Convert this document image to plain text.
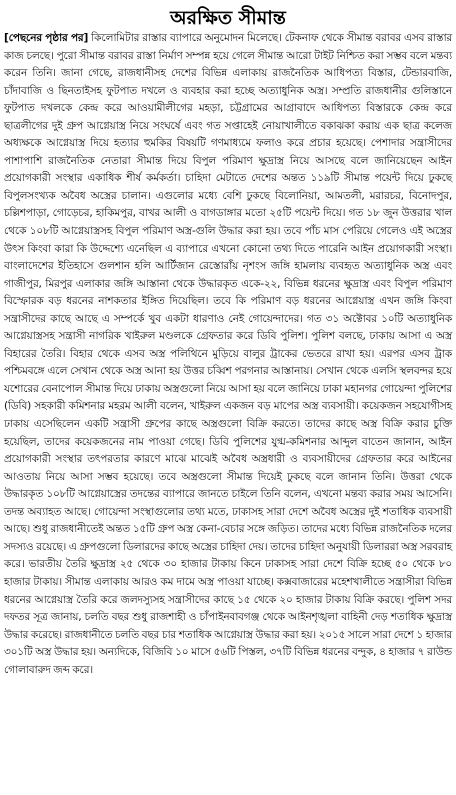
অরক্ষিত সীমান্ত

[পেছনের পৃষ্ঠার পর] কিলোমিটার রাস্তার ব্যাপারে অনুমোদন মিলেছে। টেকনাফ থেকে সীমান্ত বরাবর এসব রাস্তার কাজ চলছে। পুরো সীমান্ত বরাবর রাস্তা নির্মাণ সম্পন্ন হয়ে গেলে সীমান্ত আরো টাইট নিশ্চিত করা সম্ভব বলে মন্তব্য করেন তিনি। জানা গেছে, রাজধানীসহ দেশের বিভিন্ন এলাকায় রাজনৈতিক আধিপত্য বিস্তার, টেন্ডারবাজি, চাঁদাবাজি ও ছিনতাইসহ ফুটপাত দখলে ও ব্যবহার করা হচ্ছে অত্যাধুনিক অস্ত্র। সম্প্রতি রাজধানীর গুলিস্তানে ফুটপাত দখলকে কেন্দ্র করে আওয়ামীলীগের মহড়া, চট্টগ্রামের আগ্রাবাদে আধিপত্য বিস্তারকে কেন্দ্র করে ছাত্রলীগের দুই গ্রুপ আগ্নেয়াস্ত্র নিয়ে সংঘর্ষে এবং গত সপ্তাহেই নোয়াখালীতে বকাঝকা করায় এক ছাত্র কলেজ অধ্যক্ষকে আগ্নেয়াস্ত্র দিয়ে হত্যার হুমকির বিষয়টি গণমাধ্যমে ফলাও করে প্রচার হয়েছে। পেশাদার সন্ত্রাসীদের পাশাপাশি রাজনৈতিক নেতারা সীমান্ত দিয়ে বিপুল পরিমাণ ক্ষুদ্রাস্ত্র নিয়ে আসছে বলে জানিয়েছেন আইন প্রয়োগকারী সংস্থার একাধিক শীর্ষ কর্মকর্তা। চাহিদা মেটাতে দেশের অন্তত ১১৯টি সীমান্ত পয়েন্ট দিয়ে ঢুকছে বিপুলসংখ্যক অবৈধ অস্ত্রের চালান। এগুলোর মধ্যে বেশি ঢুকছে বিলোনিয়া, আমতলী, মরারচর, বিনোদপুর, চল্লিশপাড়া, গোড়েচর, হাকিমপুর, বাখর আলী ও বাগডাঙ্গার মতো ২৫টি পয়েন্ট দিয়ে। গত ১৮ জুন উত্তরার খাল থেকে ১০৮টি আগ্নেয়াস্ত্রসহ বিপুল পরিমাণ অস্ত্র-গুলি উদ্ধার করা হয়। তবে পাঁচ মাস পেরিয়ে গেলেও এই অস্ত্রের উৎস কিংবা কারা কি উদ্দেশ্যে এনেছিল এ ব্যাপারে এখনো কোনো তথ্য দিতে পারেনি আইন প্রয়োগকারী সংস্থা। বাংলাদেশের ইতিহাসে গুলশান হলি আর্টিজান রেস্তোরাঁয় নৃশংস জঙ্গি হামলায় ব্যবহৃত অত্যাধুনিক অস্ত্র এবং গাজীপুর, মিরপুর এলাকার জঙ্গি আস্তানা থেকে উদ্ধারকৃত একে-২২, বিভিন্ন ধরনের ক্ষুদ্রাস্ত্র এবং বিপুল পরিমাণ বিস্ফোরক বড় ধরনের নাশকতার ইঙ্গিত দিয়েছিল। তবে কি পরিমাণ বড় ধরনের আগ্নেয়াস্ত্র এখন জঙ্গি কিংবা সন্ত্রাসীদের কাছে আছে এ সম্পর্কে খুব একটা ধারণাও নেই গোয়েন্দাদের। গত ৩১ অক্টোবর ১০টি অত্যাধুনিক আগ্নেয়াস্ত্রসহ সন্ত্রাসী নাগরিক খাইরুল মণ্ডলকে গ্রেফতার করে ডিবি পুলিশ। পুলিশ বলছে, ঢাকায় আসা এ অস্ত্র বিহারের তৈরি। বিহার থেকে এসব অস্ত্র পলিথিনে মুড়িয়ে বালুর ট্রাকের ভেতরে রাখা হয়। এরপর এসব ট্রাক পশ্চিমবঙ্গে এলে সেখান থেকে অস্ত্র আনা হয় উত্তর চব্বিশ পরগনার আস্তানায়। সেখান থেকে এলসি স্থলবন্দর হয়ে যশোরের বেনাপোল সীমান্ত দিয়ে ঢাকায় অস্ত্রগুলো নিয়ে আসা হয় বলে জানিয়ে ঢাকা মহানগর গোয়েন্দা পুলিশের (ডিবি) সহকারী কমিশনার মহরম আলী বলেন, খাইরুল একজন বড় মাপের অস্ত্র ব্যবসায়ী। কয়েকজন সহযোগীসহ ঢাকায় এসেছিলেন একটি সন্ত্রাসী গ্রুপের কাছে অস্ত্রগুলো বিক্রি করতে। তাদের কাছে অস্ত্র বিক্রি করার চুক্তি হয়েছিল, তাদের কয়েকজনের নাম পাওয়া গেছে। ডিবি পুলিশের যুগ্ম-কমিশনার আব্দুল বাতেন জানান, আইন প্রয়োগকারী সংস্থার তৎপরতার কারণে মাঝে মাঝেই অবৈধ অস্ত্রধারী ও ব্যবসায়ীদের গ্রেফতার করে আইনের আওতায় নিয়ে আসা সম্ভব হয়েছে। তবে অস্ত্রগুলো সীমান্ত দিয়েই ঢুকছে বলে জানান তিনি। উত্তরা থেকে উদ্ধারকৃত ১০৮টি আগ্নেয়াস্ত্রের তদন্তের ব্যাপারে জানতে চাইলে তিনি বলেন, এখনো মন্তব্য করার সময় আসেনি। তদন্ত অব্যাহত আছে। গোয়েন্দা সংস্থাগুলোর তথ্য মতে, ঢাকাসহ সারা দেশে অবৈধ অস্ত্রের দুই শতাধিক ব্যবসায়ী আছে। শুধু রাজধানীতেই অন্তত ১৫টি গ্রুপ অস্ত্র কেনা-বেচার সঙ্গে জড়িত। তাদের মধ্যে বিভিন্ন রাজনৈতিক দলের সদস্যও রয়েছে। এ গ্রুপগুলো ডিলারদের কাছে অস্ত্রের চাহিদা দেয়। তাদের চাহিদা অনুযায়ী ডিলাররা অস্ত্র সরবরাহ করে। ভারতীয় তৈরি ক্ষুদ্রাস্ত্র ২৫ থেকে ৩০ হাজার টাকায় কিনে ঢাকাসহ সারা দেশে বিক্রি হচ্ছে ৫০ থেকে ৮০ হাজার টাকায়। সীমান্ত এলাকায় আরও কম দামে অস্ত্র পাওয়া যাচ্ছে। কক্সবাজারের মহেশখালীতে সন্ত্রাসীরা বিভিন্ন ধরনের আগ্নেয়াস্ত্র তৈরি করে জলদস্যুসহ সন্ত্রাসীদের কাছে ১৫ থেকে ২০ হাজার টাকায় বিক্রি করছে। পুলিশ সদর দফতর সূত্র জানায়, চলতি বছর শুধু রাজশাহী ও চাঁপাইনবাবগঞ্জ থেকে আইনশৃঙ্খলা বাহিনী দেড় শতাধিক ক্ষুদ্রাস্ত্র উদ্ধার করেছে। রাজধানীতে চলতি বছর চার শতাধিক আগ্নেয়াস্ত্র উদ্ধার করা হয়। ২০১৫ সালে সারা দেশে ১ হাজার ৩০১টি অস্ত্র উদ্ধার হয়। অন্যদিকে, বিজিবি ১০ মাসে ৫৬টি পিস্তল, ৩৭টি বিভিন্ন ধরনের বন্দুক, ৪ হাজার ৭ রাউন্ড গোলাবারুদ জব্দ করে।
